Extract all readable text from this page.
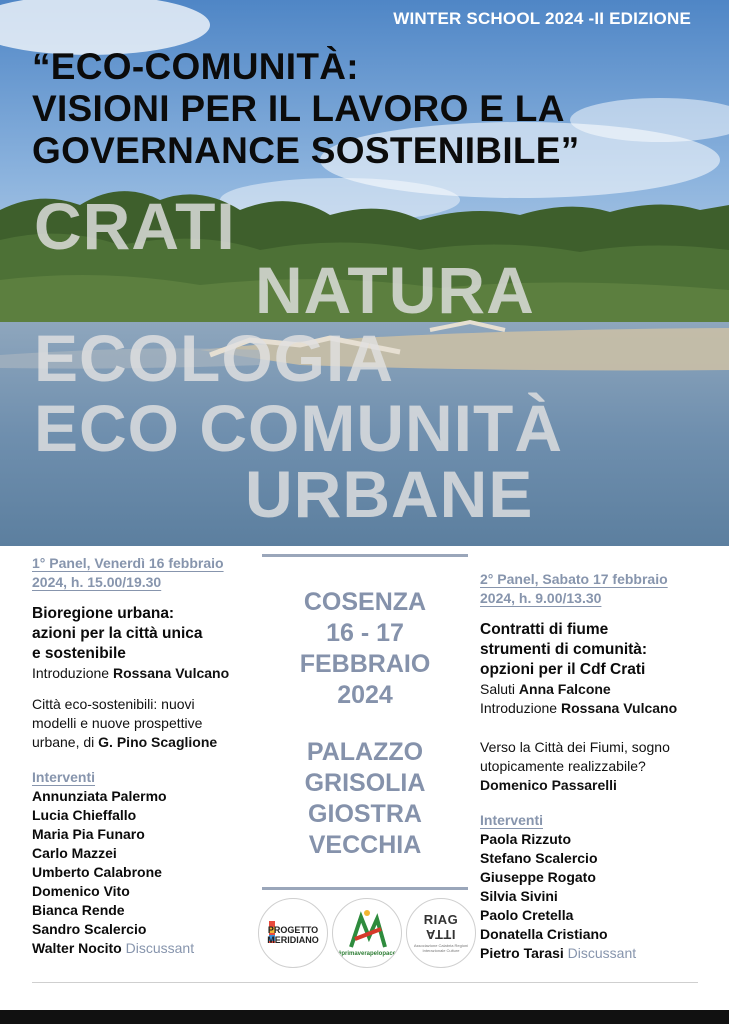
WINTER SCHOOL 2024 -II EDIZIONE
“ECO-COMUNITÀ:
VISIONI PER IL LAVORO E LA
GOVERNANCE SOSTENIBILE”
CRATI
NATURA
ECOLOGIA
ECO COMUNITÀ
URBANE
1° Panel, Venerdì 16 febbraio
2024, h. 15.00/19.30
Bioregione urbana:
azioni per la città unica
e sostenibile
Introduzione Rossana Vulcano
Città eco-sostenibili: nuovi
modelli e nuove prospettive
urbane, di G. Pino Scaglione
Interventi
Annunziata Palermo
Lucia Chieffallo
Maria Pia Funaro
Carlo Mazzei
Umberto Calabrone
Domenico Vito
Bianca Rende
Sandro Scalercio
Walter Nocito Discussant
COSENZA
16 - 17
FEBBRAIO
2024
PALAZZO
GRISOLIA
GIOSTRA
VECCHIA
PROGETTO
MERIDIANO
#primaverapelopace
RIAG
ATTI
Associazione Calabria Regioni Interazionale Culture
2° Panel, Sabato 17 febbraio
2024, h. 9.00/13.30
Contratti di fiume
strumenti di comunità:
opzioni per il Cdf Crati
Saluti Anna Falcone
Introduzione Rossana Vulcano
Verso la Città dei Fiumi, sogno
utopicamente realizzabile?
Domenico Passarelli
Interventi
Paola Rizzuto
Stefano Scalercio
Giuseppe Rogato
Silvia Sivini
Paolo Cretella
Donatella Cristiano
Pietro Tarasi Discussant
